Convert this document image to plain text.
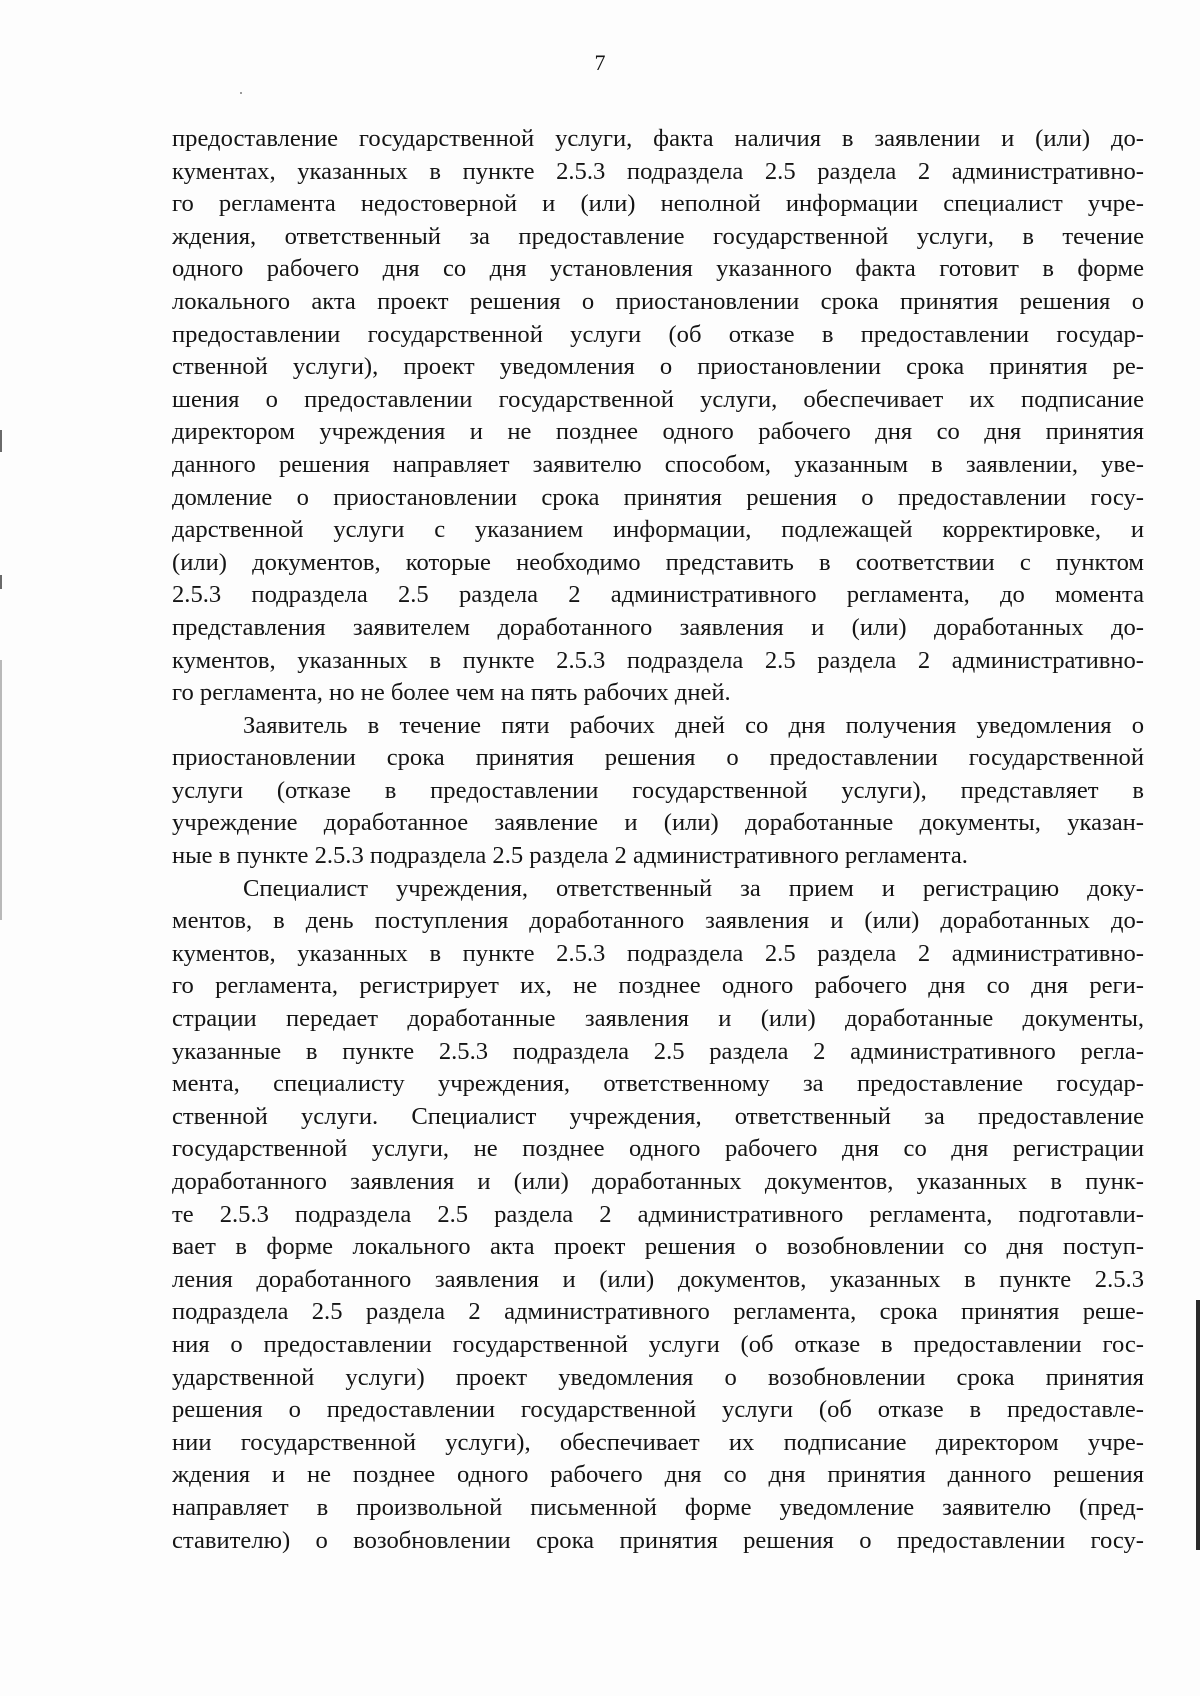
7

предоставление государственной услуги, факта наличия в заявлении и (или) до-

кументах, указанных в пункте 2.5.3 подраздела 2.5 раздела 2 административно-

го регламента недостоверной и (или) неполной информации специалист учре-

ждения, ответственный за предоставление государственной услуги, в течение

одного рабочего дня со дня установления указанного факта готовит в форме

локального акта проект решения о приостановлении срока принятия решения о

предоставлении государственной услуги (об отказе в предоставлении государ-

ственной услуги), проект уведомления о приостановлении срока принятия ре-

шения о предоставлении государственной услуги, обеспечивает их подписание

директором учреждения и не позднее одного рабочего дня со дня принятия

данного решения направляет заявителю способом, указанным в заявлении, уве-

домление о приостановлении срока принятия решения о предоставлении госу-

дарственной услуги с указанием информации, подлежащей корректировке, и

(или) документов, которые необходимо представить в соответствии с пунктом

2.5.3 подраздела 2.5 раздела 2 административного регламента, до момента

представления заявителем доработанного заявления и (или) доработанных до-

кументов, указанных в пункте 2.5.3 подраздела 2.5 раздела 2 административно-

го регламента, но не более чем на пять рабочих дней.

Заявитель в течение пяти рабочих дней со дня получения уведомления о

приостановлении срока принятия решения о предоставлении государственной

услуги (отказе в предоставлении государственной услуги), представляет в

учреждение доработанное заявление и (или) доработанные документы, указан-

ные в пункте 2.5.3 подраздела 2.5 раздела 2 административного регламента.

Специалист учреждения, ответственный за прием и регистрацию доку-

ментов, в день поступления доработанного заявления и (или) доработанных до-

кументов, указанных в пункте 2.5.3 подраздела 2.5 раздела 2 административно-

го регламента, регистрирует их, не позднее одного рабочего дня со дня реги-

страции передает доработанные заявления и (или) доработанные документы,

указанные в пункте 2.5.3 подраздела 2.5 раздела 2 административного регла-

мента, специалисту учреждения, ответственному за предоставление государ-

ственной услуги. Специалист учреждения, ответственный за предоставление

государственной услуги, не позднее одного рабочего дня со дня регистрации

доработанного заявления и (или) доработанных документов, указанных в пунк-

те 2.5.3 подраздела 2.5 раздела 2 административного регламента, подготавли-

вает в форме локального акта проект решения о возобновлении со дня поступ-

ления доработанного заявления и (или) документов, указанных в пункте 2.5.3

подраздела 2.5 раздела 2 административного регламента, срока принятия реше-

ния о предоставлении государственной услуги (об отказе в предоставлении гос-

ударственной услуги) проект уведомления о возобновлении срока принятия

решения о предоставлении государственной услуги (об отказе в предоставле-

нии государственной услуги), обеспечивает их подписание директором учре-

ждения и не позднее одного рабочего дня со дня принятия данного решения

направляет в произвольной письменной форме уведомление заявителю (пред-

ставителю) о возобновлении срока принятия решения о предоставлении госу-
